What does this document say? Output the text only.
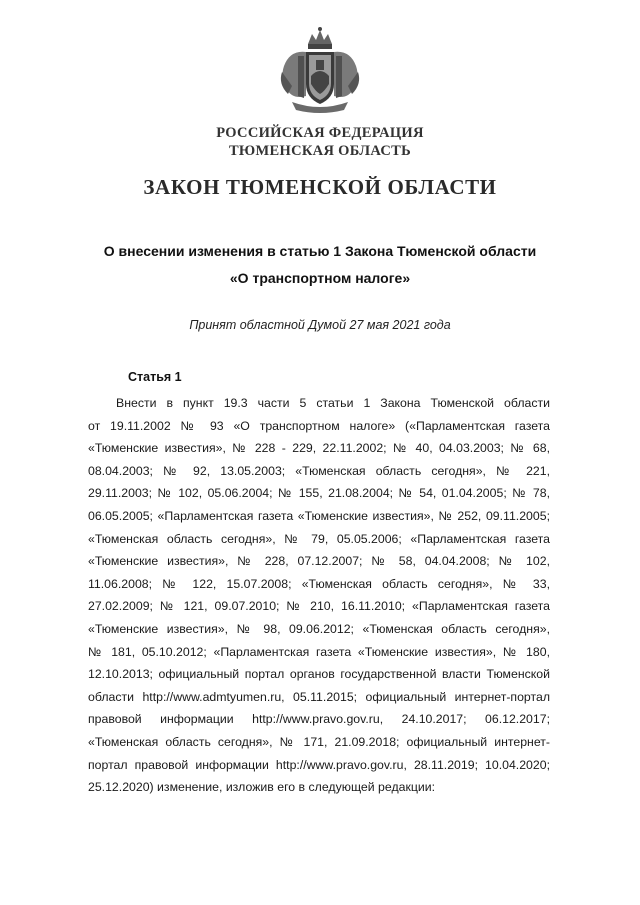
РОССИЙСКАЯ ФЕДЕРАЦИЯ
ТЮМЕНСКАЯ ОБЛАСТЬ
ЗАКОН ТЮМЕНСКОЙ ОБЛАСТИ
О внесении изменения в статью 1 Закона Тюменской области
«О транспортном налоге»
Принят областной Думой 27 мая 2021 года
Статья 1
Внести в пункт 19.3 части 5 статьи 1 Закона Тюменской области
от 19.11.2002 № 93 «О транспортном налоге» («Парламентская газета
«Тюменские известия», № 228 - 229, 22.11.2002; № 40, 04.03.2003; № 68,
08.04.2003; № 92, 13.05.2003; «Тюменская область сегодня», № 221,
29.11.2003; № 102, 05.06.2004; № 155, 21.08.2004; № 54, 01.04.2005; № 78,
06.05.2005; «Парламентская газета «Тюменские известия», № 252, 09.11.2005;
«Тюменская область сегодня», № 79, 05.05.2006; «Парламентская газета
«Тюменские известия», № 228, 07.12.2007; № 58, 04.04.2008; № 102,
11.06.2008; № 122, 15.07.2008; «Тюменская область сегодня», № 33,
27.02.2009; № 121, 09.07.2010; № 210, 16.11.2010; «Парламентская газета
«Тюменские известия», № 98, 09.06.2012; «Тюменская область сегодня»,
№ 181, 05.10.2012; «Парламентская газета «Тюменские известия», № 180,
12.10.2013; официальный портал органов государственной власти Тюменской
области http://www.admtyumen.ru, 05.11.2015; официальный интернет-портал
правовой информации http://www.pravo.gov.ru, 24.10.2017; 06.12.2017;
«Тюменская область сегодня», № 171, 21.09.2018; официальный интернет-
портал правовой информации http://www.pravo.gov.ru, 28.11.2019; 10.04.2020;
25.12.2020) изменение, изложив его в следующей редакции:
